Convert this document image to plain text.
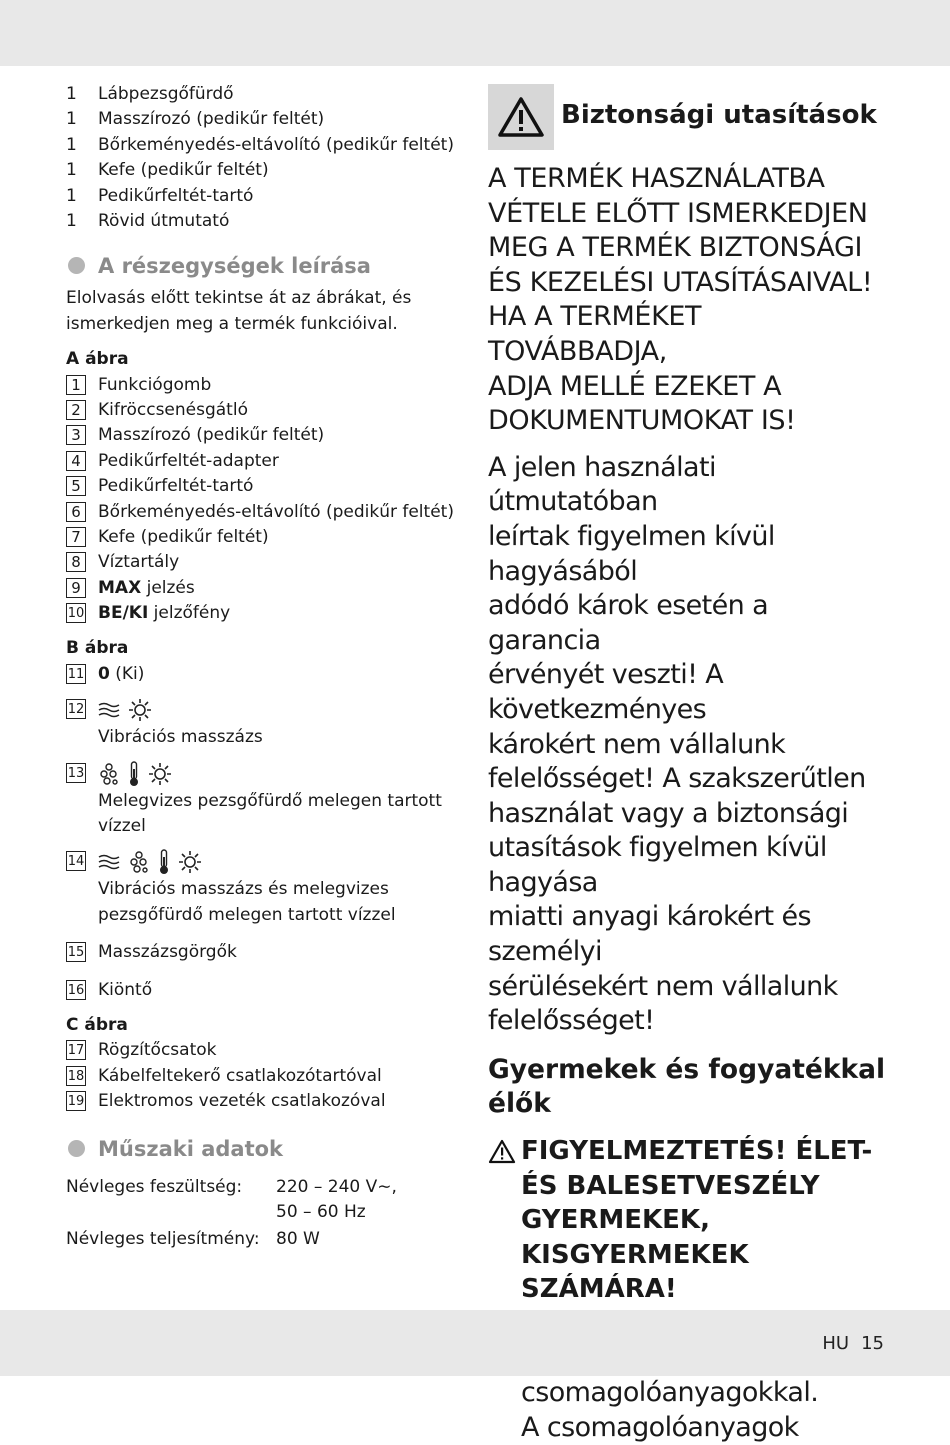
1	Lábpezsgőfürdő
1	Masszírozó (pedikűr feltét)
1	Bőrkeményedés-eltávolító (pedikűr feltét)
1	Kefe (pedikűr feltét)
1	Pedikűrfeltét-tartó
1	Rövid útmutató
A részegységek leírása
Elolvasás előtt tekintse át az ábrákat, és
ismerkedjen meg a termék funkcióival.
A ábra
1	Funkciógomb
2	Kifröccsenésgátló
3	Masszírozó (pedikűr feltét)
4	Pedikűrfeltét-adapter
5	Pedikűrfeltét-tartó
6	Bőrkeményedés-eltávolító (pedikűr feltét)
7	Kefe (pedikűr feltét)
8	Víztartály
9	MAX jelzés
10 BE/KI jelzőfény
B ábra
11 0 (Ki)
12
Vibrációs masszázs
13
Melegvizes pezsgőfürdő melegen tartott
vízzel
14
Vibrációs masszázs és melegvizes
pezsgőfürdő melegen tartott vízzel
15 Masszázsgörgők
16 Kiöntő
C ábra
17 Rögzítőcsatok
18 Kábelfeltekerő csatlakozótartóval
19 Elektromos vezeték csatlakozóval
Műszaki adatok
Névleges feszültség: 220 – 240 V∼,
50 – 60 Hz
Névleges teljesítmény: 80 W
Biztonsági utasítások
A TERMÉK HASZNÁLATBA
VÉTELE ELŐTT ISMERKEDJEN
MEG A TERMÉK BIZTONSÁGI
ÉS KEZELÉSI UTASÍTÁSAIVAL!
HA A TERMÉKET TOVÁBBADJA,
ADJA MELLÉ EZEKET A
DOKUMENTUMOKAT IS!
A jelen használati útmutatóban
leírtak figyelmen kívül hagyásából
adódó károk esetén a garancia
érvényét veszti! A következményes
károkért nem vállalunk
felelősséget! A szakszerűtlen
használat vagy a biztonsági
utasítások figyelmen kívül hagyása
miatti anyagi károkért és személyi
sérülésekért nem vállalunk
felelősséget!
Gyermekek és fogyatékkal
élők
FIGYELMEZTETÉS! ÉLET-
ÉS BALESETVESZÉLY
GYERMEKEK,
KISGYERMEKEK
SZÁMÁRA!
csomagolóanyagokkal.
A csomagolóanyagok
HU 15
